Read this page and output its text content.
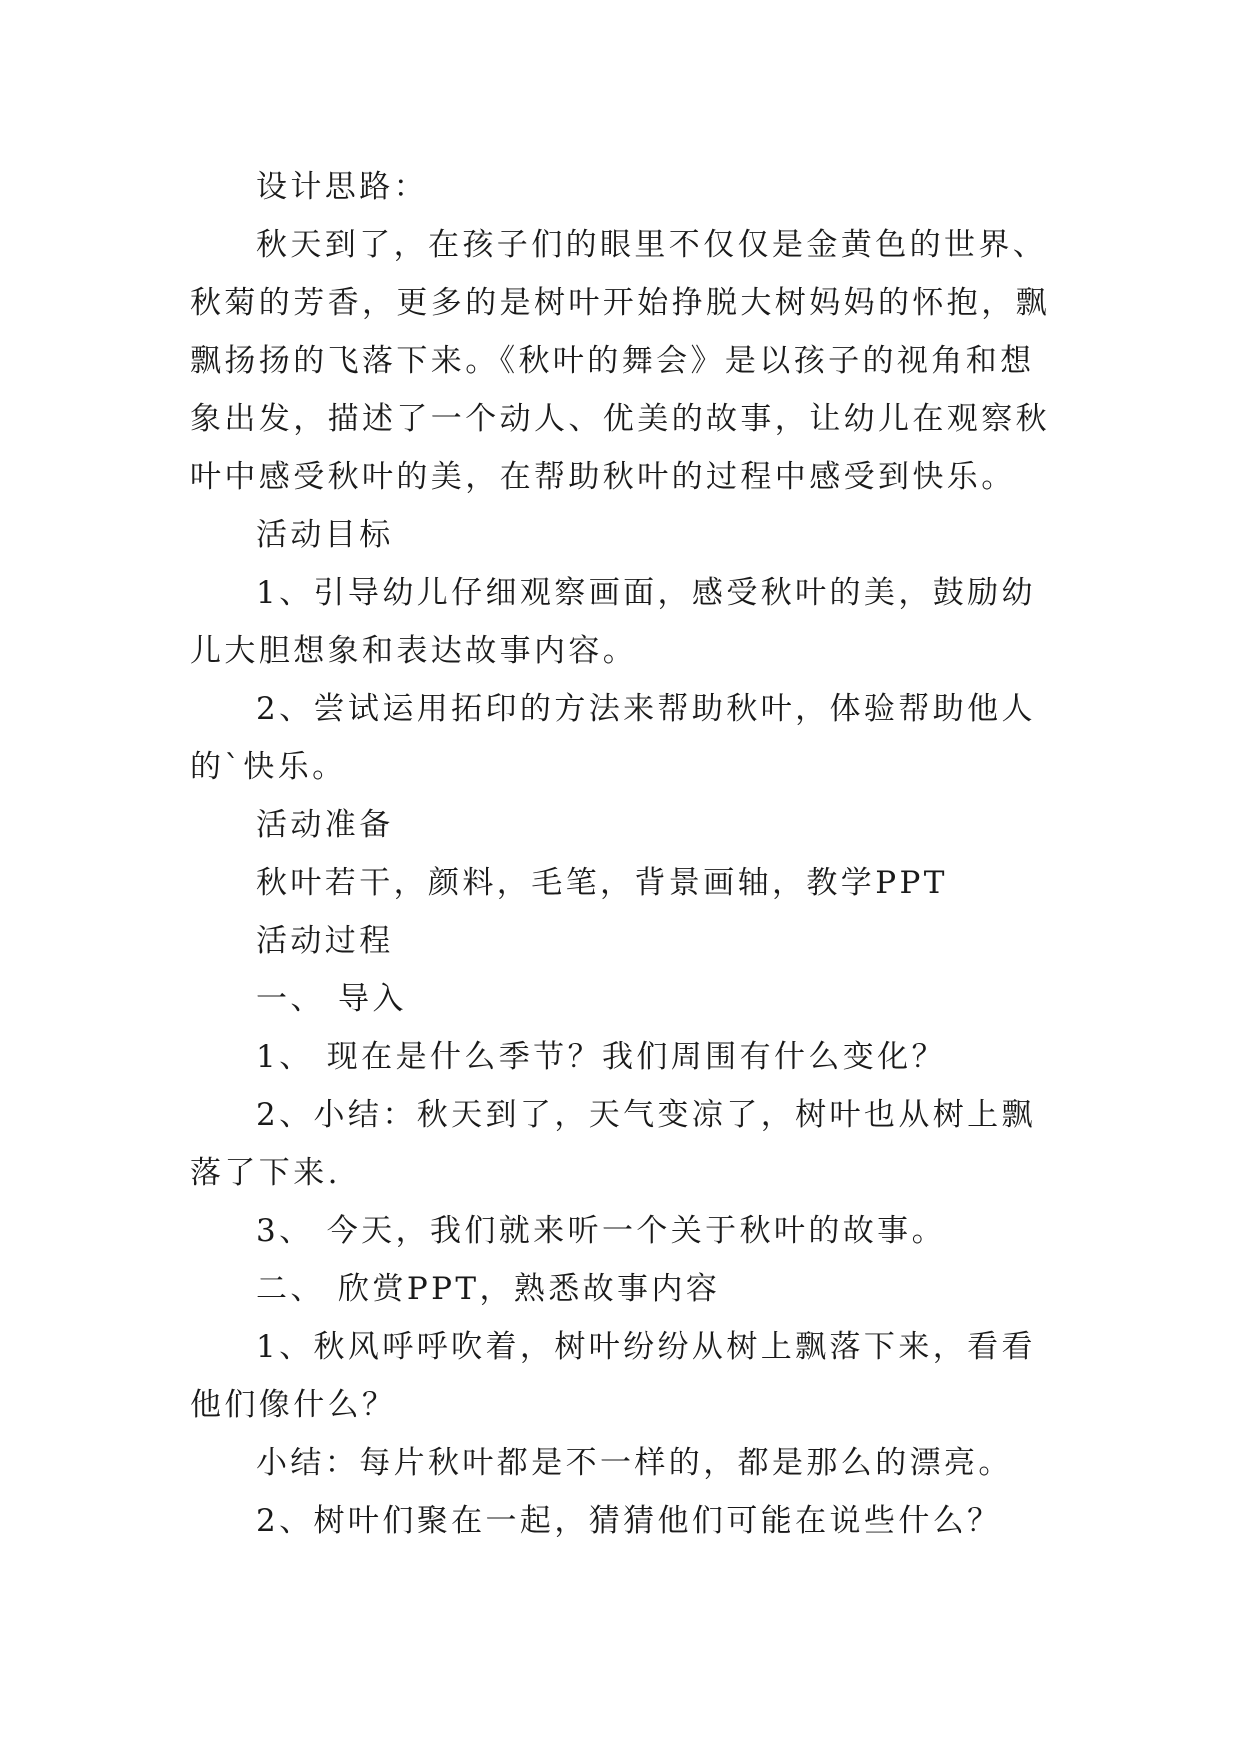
设计思路：

秋天到了，在孩子们的眼里不仅仅是金黄色的世界、秋菊的芳香，更多的是树叶开始挣脱大树妈妈的怀抱，飘飘扬扬的飞落下来。《秋叶的舞会》是以孩子的视角和想象出发，描述了一个动人、优美的故事，让幼儿在观察秋叶中感受秋叶的美，在帮助秋叶的过程中感受到快乐。

活动目标

1、引导幼儿仔细观察画面，感受秋叶的美，鼓励幼儿大胆想象和表达故事内容。

2、尝试运用拓印的方法来帮助秋叶，体验帮助他人的`快乐。

活动准备

秋叶若干，颜料，毛笔，背景画轴，教学PPT

活动过程

一、 导入

1、 现在是什么季节？我们周围有什么变化？

2、小结：秋天到了，天气变凉了，树叶也从树上飘落了下来.

3、 今天，我们就来听一个关于秋叶的故事。

二、 欣赏PPT，熟悉故事内容

1、秋风呼呼吹着，树叶纷纷从树上飘落下来，看看他们像什么？

小结：每片秋叶都是不一样的，都是那么的漂亮。

2、树叶们聚在一起，猜猜他们可能在说些什么？
